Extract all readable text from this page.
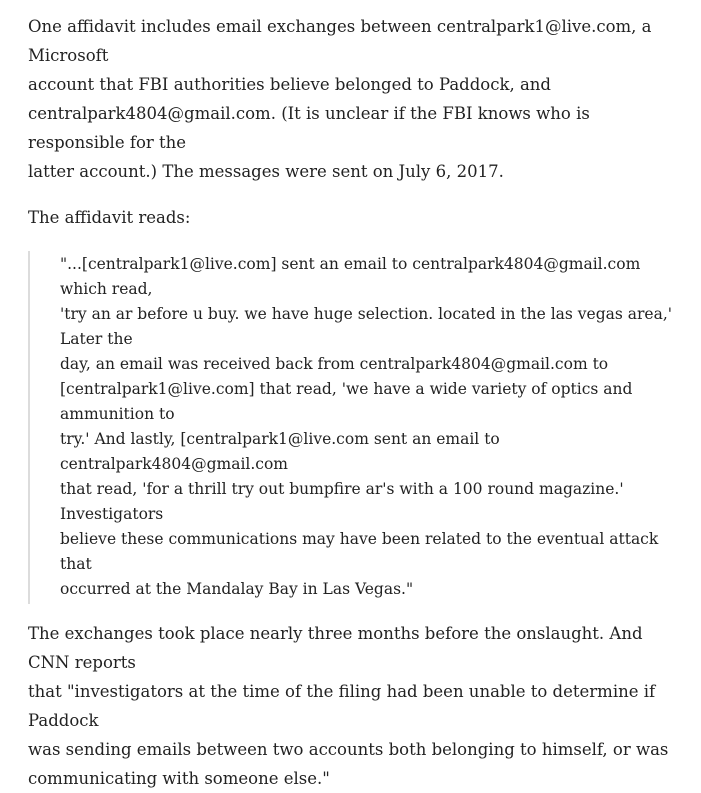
One affidavit includes email exchanges between centralpark1@live.com, a Microsoft
account that FBI authorities believe belonged to Paddock, and
centralpark4804@gmail.com. (It is unclear if the FBI knows who is responsible for the
latter account.) The messages were sent on July 6, 2017.

The affidavit reads:

"...[centralpark1@live.com] sent an email to centralpark4804@gmail.com which read,
'try an ar before u buy. we have huge selection. located in the las vegas area,' Later the
day, an email was received back from centralpark4804@gmail.com to
[centralpark1@live.com] that read, 'we have a wide variety of optics and ammunition to
try.' And lastly, [centralpark1@live.com sent an email to centralpark4804@gmail.com
that read, 'for a thrill try out bumpfire ar's with a 100 round magazine.' Investigators
believe these communications may have been related to the eventual attack that
occurred at the Mandalay Bay in Las Vegas."

The exchanges took place nearly three months before the onslaught. And CNN reports
that "investigators at the time of the filing had been unable to determine if Paddock
was sending emails between two accounts both belonging to himself, or was
communicating with someone else."
